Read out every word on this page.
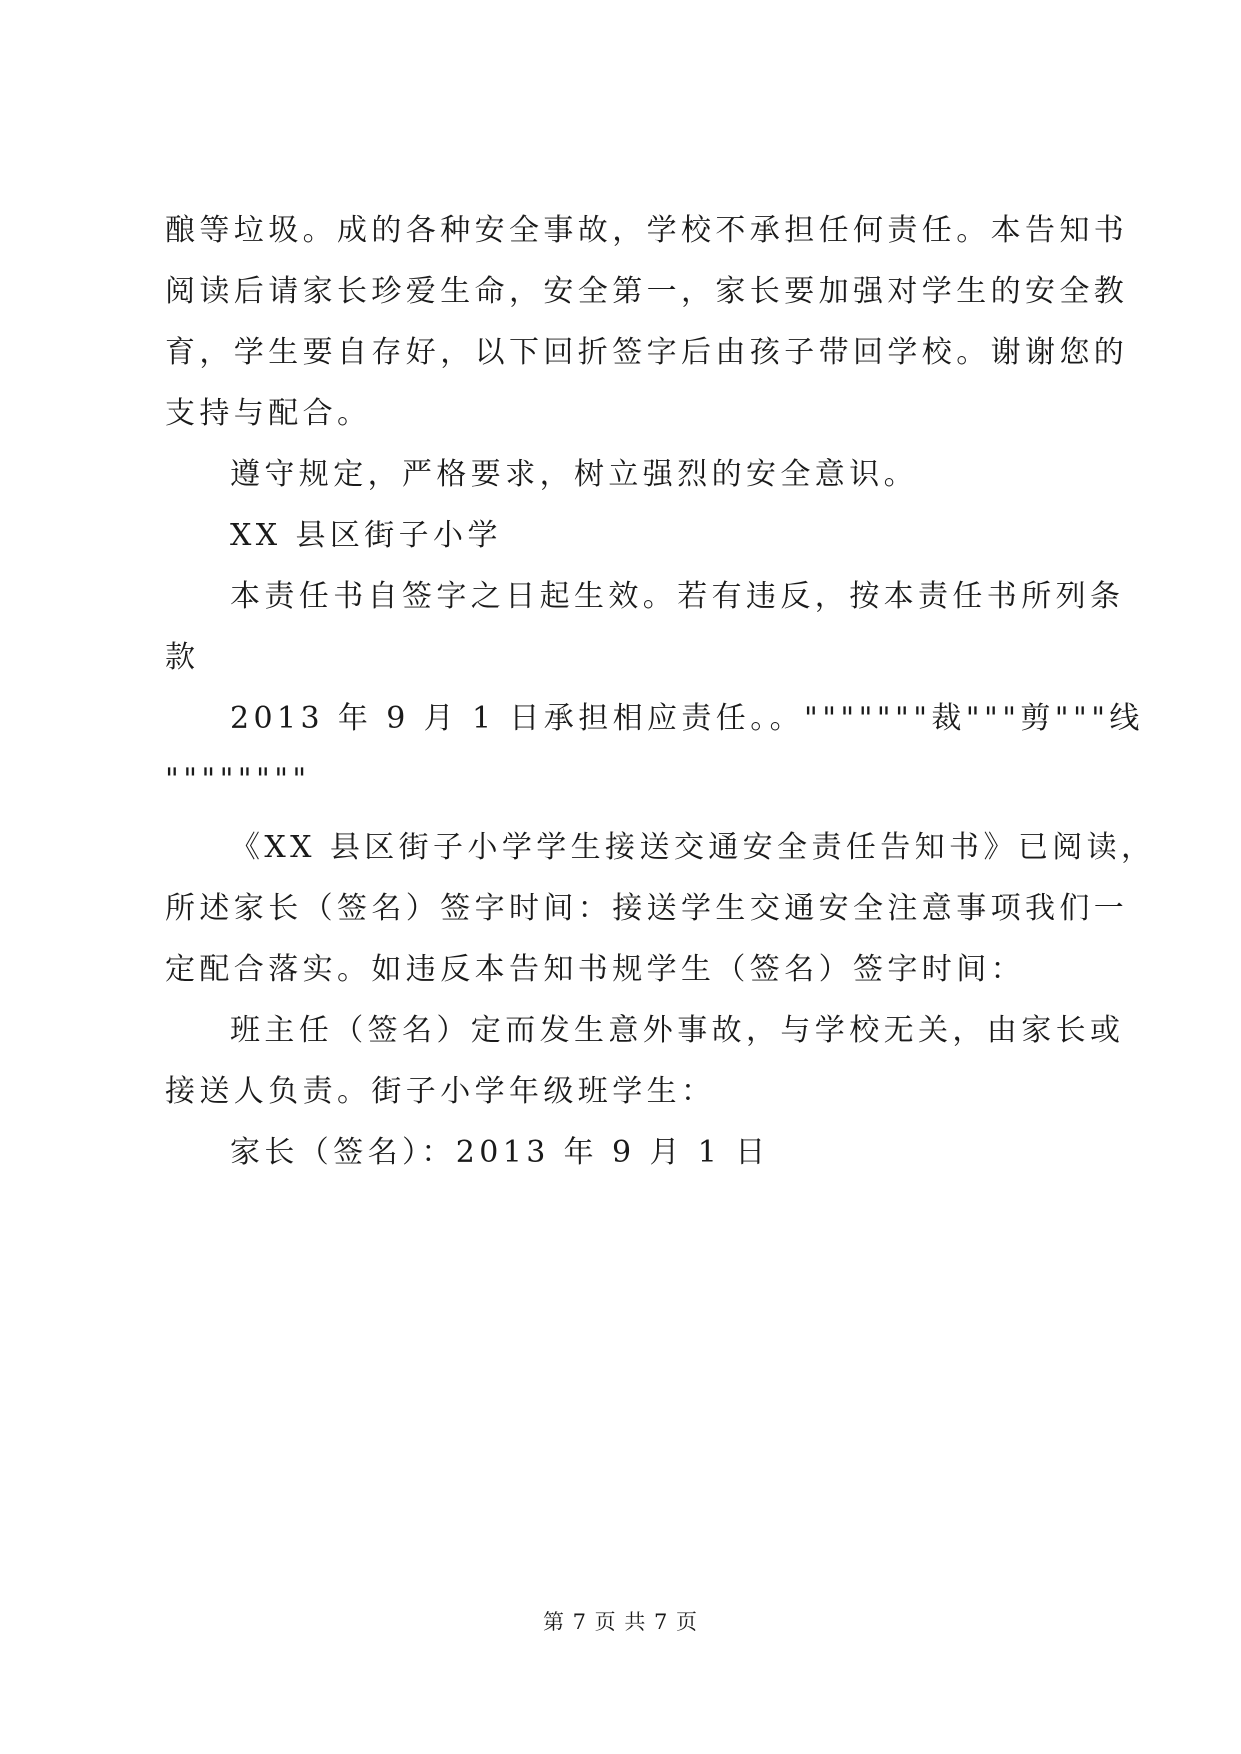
酿等垃圾。成的各种安全事故，学校不承担任何责任。本告知书
阅读后请家长珍爱生命，安全第一，家长要加强对学生的安全教
育，学生要自存好，以下回折签字后由孩子带回学校。谢谢您的
支持与配合。
遵守规定，严格要求，树立强烈的安全意识。
XX 县区街子小学
本责任书自签字之日起生效。若有违反，按本责任书所列条
款
2013 年 9 月 1 日承担相应责任。。"""""""裁"""剪"""线
""""""""
《XX 县区街子小学学生接送交通安全责任告知书》已阅读，
所述家长（签名）签字时间：接送学生交通安全注意事项我们一
定配合落实。如违反本告知书规学生（签名）签字时间：
班主任（签名）定而发生意外事故，与学校无关，由家长或
接送人负责。街子小学年级班学生：
家长（签名）：2013 年 9 月 1 日
第 7 页 共 7 页
